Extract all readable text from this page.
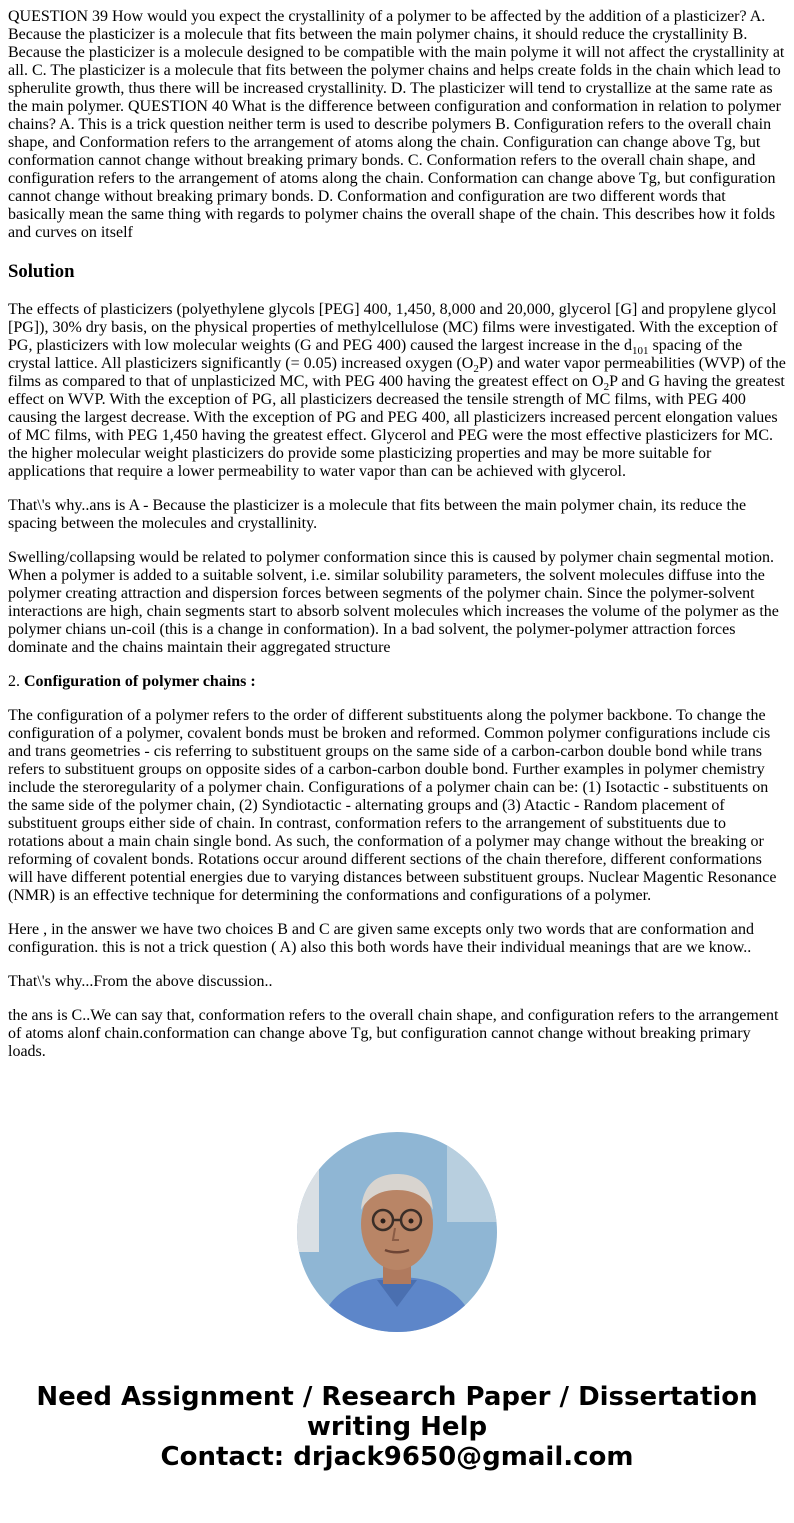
QUESTION 39 How would you expect the crystallinity of a polymer to be affected by the addition of a plasticizer? A. Because the plasticizer is a molecule that fits between the main polymer chains, it should reduce the crystallinity B. Because the plasticizer is a molecule designed to be compatible with the main polyme it will not affect the crystallinity at all. C. The plasticizer is a molecule that fits between the polymer chains and helps create folds in the chain which lead to spherulite growth, thus there will be increased crystallinity. D. The plasticizer will tend to crystallize at the same rate as the main polymer. QUESTION 40 What is the difference between configuration and conformation in relation to polymer chains? A. This is a trick question neither term is used to describe polymers B. Configuration refers to the overall chain shape, and Conformation refers to the arrangement of atoms along the chain. Configuration can change above Tg, but conformation cannot change without breaking primary bonds. C. Conformation refers to the overall chain shape, and configuration refers to the arrangement of atoms along the chain. Conformation can change above Tg, but configuration cannot change without breaking primary bonds. D. Conformation and configuration are two different words that basically mean the same thing with regards to polymer chains the overall shape of the chain. This describes how it folds and curves on itself

Solution

The effects of plasticizers (polyethylene glycols [PEG] 400, 1,450, 8,000 and 20,000, glycerol [G] and propylene glycol [PG]), 30% dry basis, on the physical properties of methylcellulose (MC) films were investigated. With the exception of PG, plasticizers with low molecular weights (G and PEG 400) caused the largest increase in the $d_{101}$ spacing of the crystal lattice. All plasticizers significantly (= 0.05) increased oxygen $(O_2P)$ and water vapor permeabilities (WVP) of the films as compared to that of unplasticized MC, with PEG 400 having the greatest effect on $O_2P$ and G having the greatest effect on WVP. With the exception of PG, all plasticizers decreased the tensile strength of MC films, with PEG 400 causing the largest decrease. With the exception of PG and PEG 400, all plasticizers increased percent elongation values of MC films, with PEG 1,450 having the greatest effect. Glycerol and PEG were the most effective plasticizers for MC. the higher molecular weight plasticizers do provide some plasticizing properties and may be more suitable for applications that require a lower permeability to water vapor than can be achieved with glycerol.

That\'s why..ans is A - Because the plasticizer is a molecule that fits between the main polymer chain, its reduce the spacing between the molecules and crystallinity.

Swelling/collapsing would be related to polymer conformation since this is caused by polymer chain segmental motion. When a polymer is added to a suitable solvent, i.e. similar solubility parameters, the solvent molecules diffuse into the polymer creating attraction and dispersion forces between segments of the polymer chain. Since the polymer-solvent interactions are high, chain segments start to absorb solvent molecules which increases the volume of the polymer as the polymer chians un-coil (this is a change in conformation). In a bad solvent, the polymer-polymer attraction forces dominate and the chains maintain their aggregated structure

2. Configuration of polymer chains :

The configuration of a polymer refers to the order of different substituents along the polymer backbone. To change the configuration of a polymer, covalent bonds must be broken and reformed. Common polymer configurations include cis and trans geometries - cis referring to substituent groups on the same side of a carbon-carbon double bond while trans refers to substituent groups on opposite sides of a carbon-carbon double bond. Further examples in polymer chemistry include the steroregularity of a polymer chain. Configurations of a polymer chain can be: (1) Isotactic - substituents on the same side of the polymer chain, (2) Syndiotactic - alternating groups and (3) Atactic - Random placement of substituent groups either side of chain. In contrast, conformation refers to the arrangement of substituents due to rotations about a main chain single bond. As such, the conformation of a polymer may change without the breaking or reforming of covalent bonds. Rotations occur around different sections of the chain therefore, different conformations will have different potential energies due to varying distances between substituent groups. Nuclear Magentic Resonance (NMR) is an effective technique for determining the conformations and configurations of a polymer.

Here , in the answer we have two choices B and C are given same excepts only two words that are conformation and configuration. this is not a trick question ( A) also this both words have their individual meanings that are we know..

That\'s why...From the above discussion..

the ans is C..We can say that, conformation refers to the overall chain shape, and configuration refers to the arrangement of atoms alonf chain.conformation can change above Tg, but configuration cannot change without breaking primary loads.

Need Assignment / Research Paper / Dissertation
writing Help
Contact: drjack9650@gmail.com
